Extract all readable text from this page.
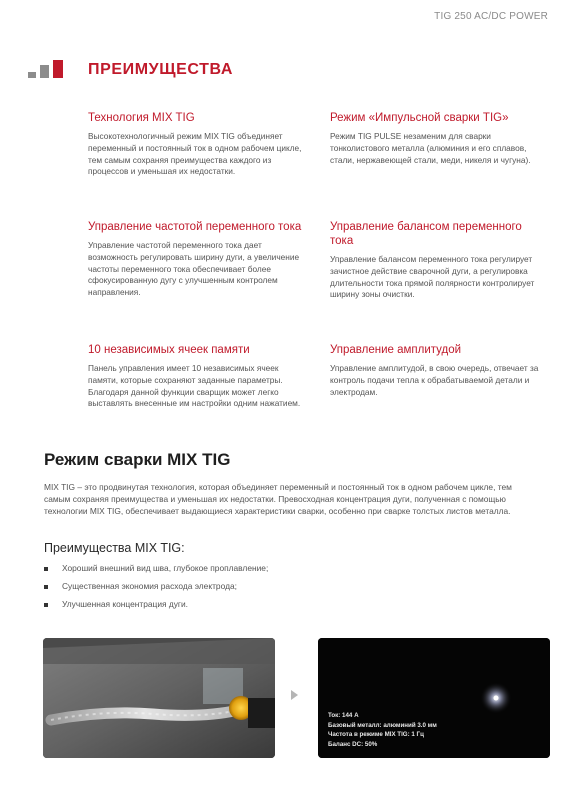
TIG 250 AC/DC POWER
ПРЕИМУЩЕСТВА

Технология MIX TIG

Высокотехнологичный режим MIX TIG объединяет переменный и постоянный ток в одном рабочем цикле, тем самым сохраняя преимущества каждого из процессов и уменьшая их недостатки.

Режим «Импульсной сварки TIG»

Режим TIG PULSE незаменим для сварки тонколистового металла (алюминия и его сплавов, стали, нержавеющей стали, меди, никеля и чугуна).

Управление частотой переменного тока

Управление частотой переменного тока дает возможность регулировать ширину дуги, а увеличение частоты переменного тока обеспечивает более сфокусированную дугу с улучшенным контролем направления.

Управление балансом переменного тока

Управление балансом переменного тока регулирует зачистное действие сварочной дуги, а регулировка длительности тока прямой полярности контролирует ширину зоны очистки.

10 независимых ячеек памяти

Панель управления имеет 10 независимых ячеек памяти, которые сохраняют заданные параметры. Благодаря данной функции сварщик может легко выставлять внесенные им настройки одним нажатием.

Управление амплитудой

Управление амплитудой, в свою очередь, отвечает за контроль подачи тепла к обрабатываемой детали и электродам.

Режим сварки MIX TIG

MIX TIG – это продвинутая технология, которая объединяет переменный и постоянный ток в одном рабочем цикле, тем самым сохраняя преимущества и уменьшая их недостатки. Превосходная концентрация дуги, полученная с помощью технологии MIX TIG, обеспечивает выдающиеся характеристики сварки, особенно при сварке толстых листов металла.

Преимущества MIX TIG:
Хороший внешний вид шва, глубокое проплавление;
Существенная экономия расхода электрода;
Улучшенная концентрация дуги.
Ток: 144 А
Базовый металл: алюминий 3.0 мм
Частота в режиме MIX TIG: 1 Гц
Баланс DC: 50%
